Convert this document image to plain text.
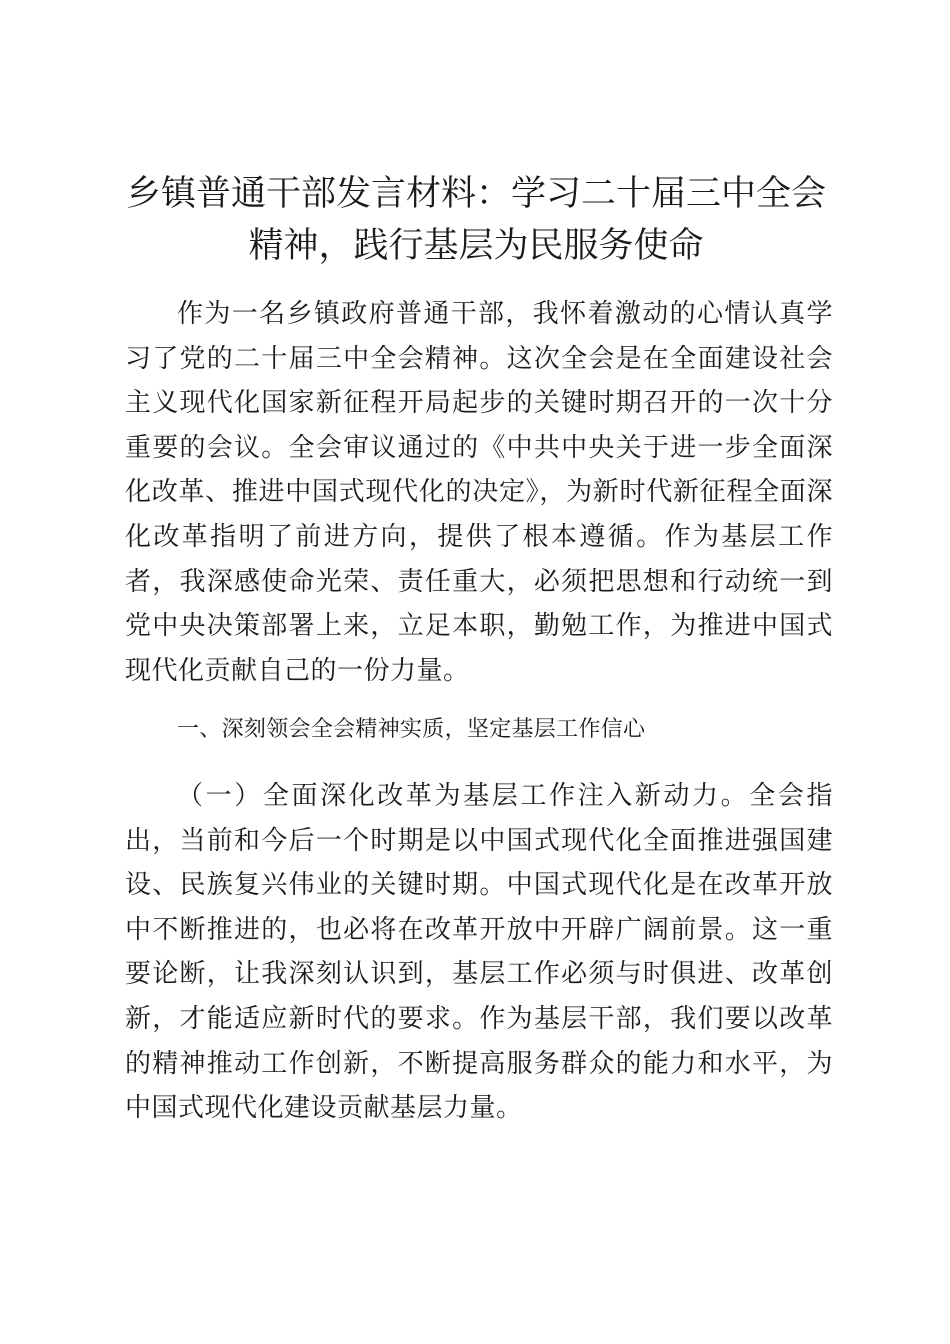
乡镇普通干部发言材料：学习二十届三中全会精神，践行基层为民服务使命

作为一名乡镇政府普通干部，我怀着激动的心情认真学习了党的二十届三中全会精神。这次全会是在全面建设社会主义现代化国家新征程开局起步的关键时期召开的一次十分重要的会议。全会审议通过的《中共中央关于进一步全面深化改革、推进中国式现代化的决定》，为新时代新征程全面深化改革指明了前进方向，提供了根本遵循。作为基层工作者，我深感使命光荣、责任重大，必须把思想和行动统一到党中央决策部署上来，立足本职，勤勉工作，为推进中国式现代化贡献自己的一份力量。

一、深刻领会全会精神实质，坚定基层工作信心

（一）全面深化改革为基层工作注入新动力。全会指出，当前和今后一个时期是以中国式现代化全面推进强国建设、民族复兴伟业的关键时期。中国式现代化是在改革开放中不断推进的，也必将在改革开放中开辟广阔前景。这一重要论断，让我深刻认识到，基层工作必须与时俱进、改革创新，才能适应新时代的要求。作为基层干部，我们要以改革的精神推动工作创新，不断提高服务群众的能力和水平，为中国式现代化建设贡献基层力量。
